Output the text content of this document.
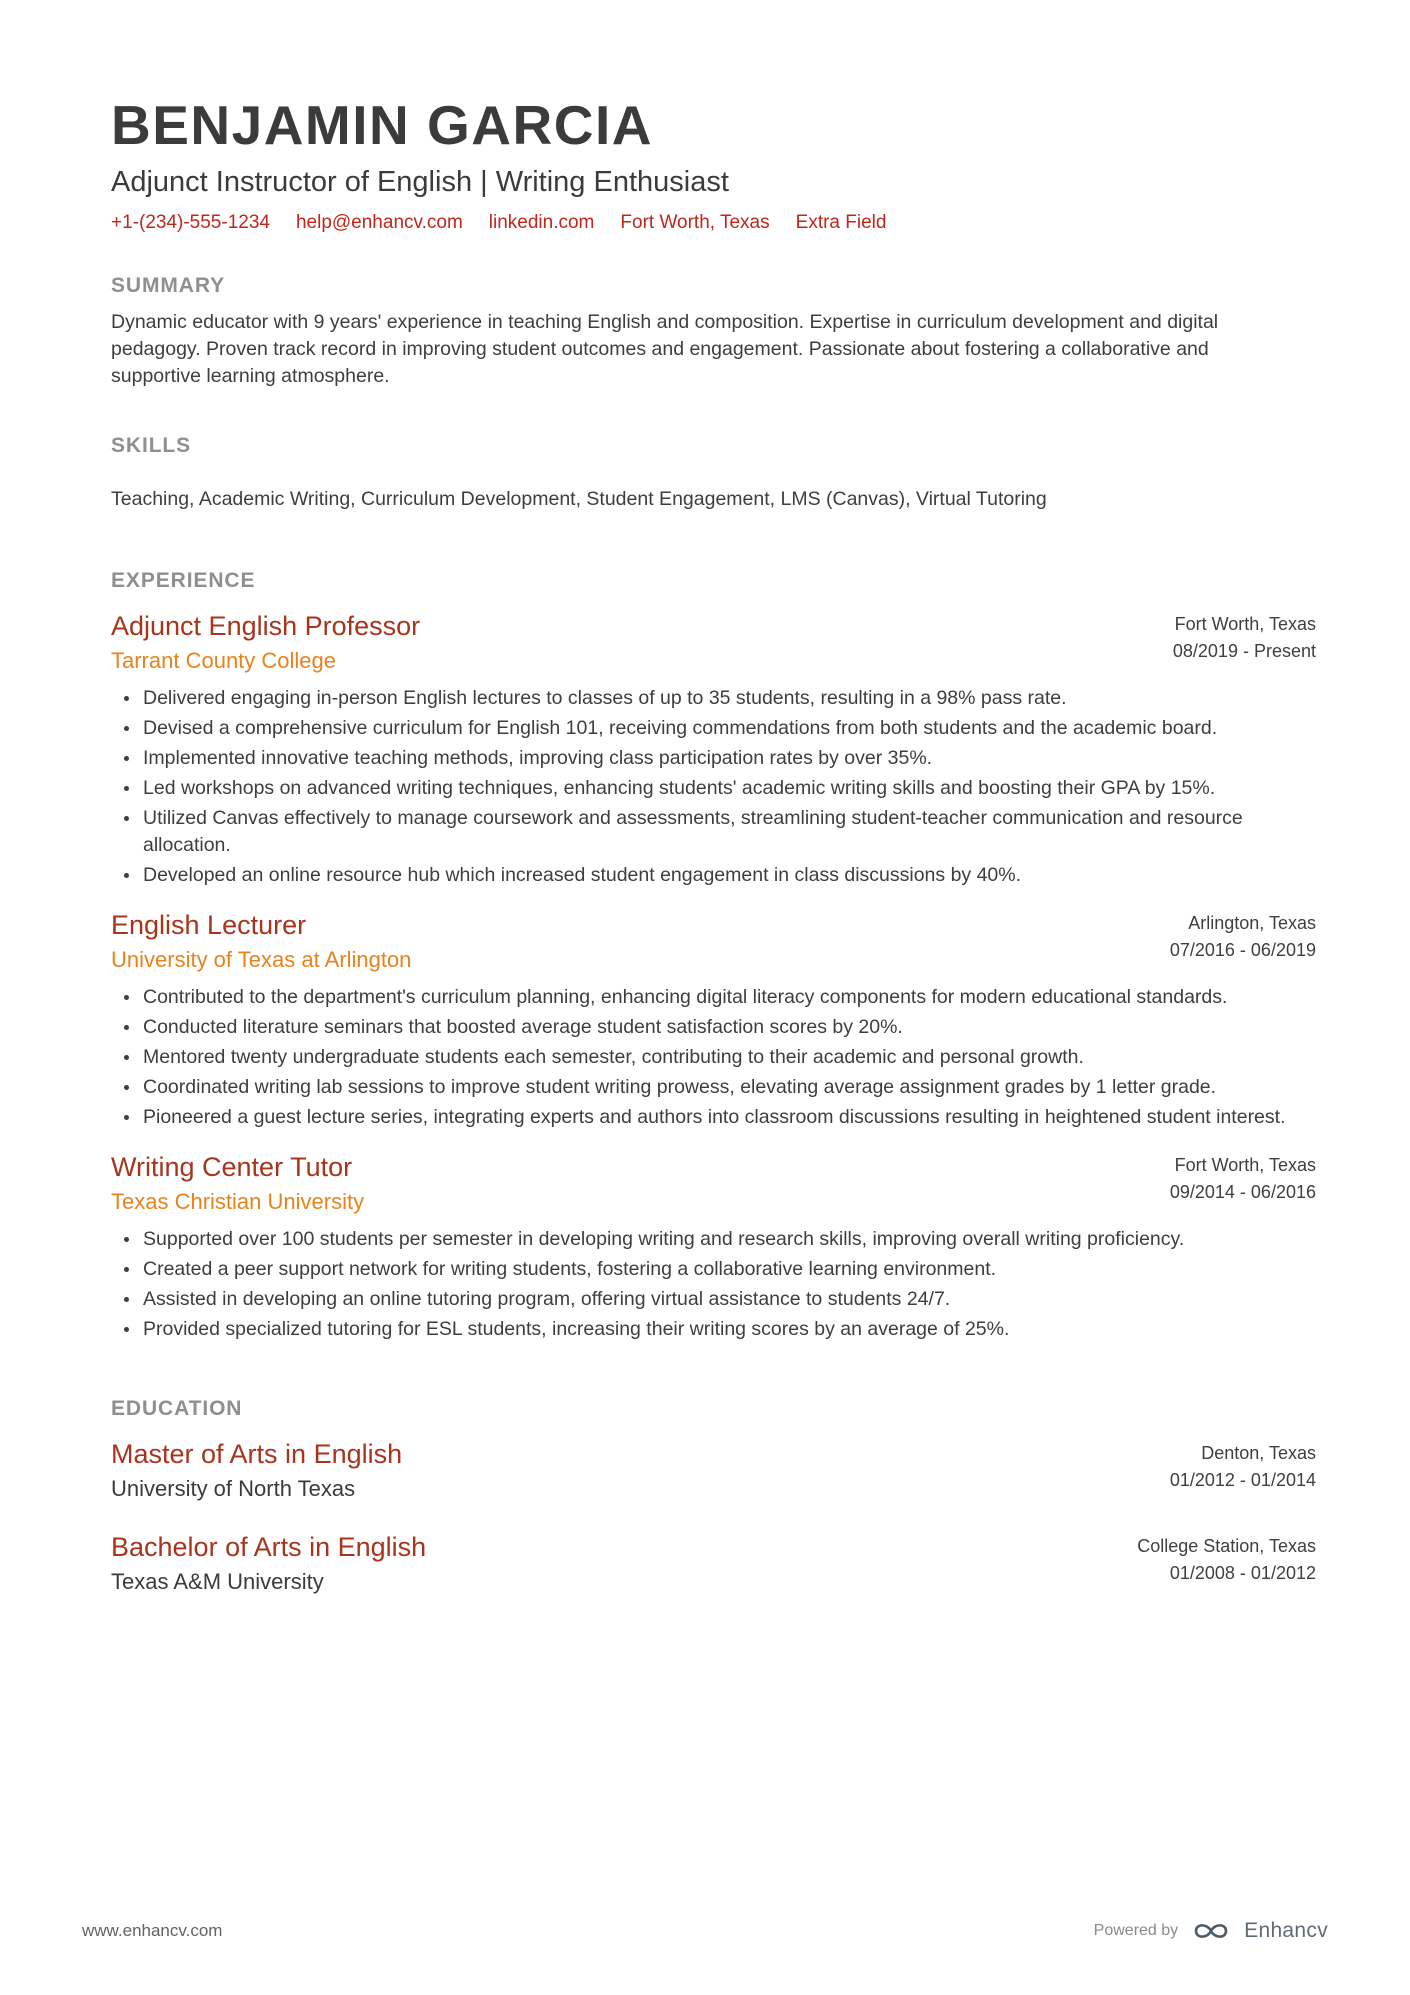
BENJAMIN GARCIA
Adjunct Instructor of English | Writing Enthusiast
+1-(234)-555-1234 help@enhancv.com linkedin.com Fort Worth, Texas Extra Field
SUMMARY
Dynamic educator with 9 years' experience in teaching English and composition. Expertise in curriculum development and digital pedagogy. Proven track record in improving student outcomes and engagement. Passionate about fostering a collaborative and supportive learning atmosphere.
SKILLS
Teaching, Academic Writing, Curriculum Development, Student Engagement, LMS (Canvas), Virtual Tutoring
EXPERIENCE
Adjunct English Professor
Tarrant County College
Fort Worth, Texas
08/2019 - Present
Delivered engaging in-person English lectures to classes of up to 35 students, resulting in a 98% pass rate.
Devised a comprehensive curriculum for English 101, receiving commendations from both students and the academic board.
Implemented innovative teaching methods, improving class participation rates by over 35%.
Led workshops on advanced writing techniques, enhancing students' academic writing skills and boosting their GPA by 15%.
Utilized Canvas effectively to manage coursework and assessments, streamlining student-teacher communication and resource allocation.
Developed an online resource hub which increased student engagement in class discussions by 40%.
English Lecturer
University of Texas at Arlington
Arlington, Texas
07/2016 - 06/2019
Contributed to the department's curriculum planning, enhancing digital literacy components for modern educational standards.
Conducted literature seminars that boosted average student satisfaction scores by 20%.
Mentored twenty undergraduate students each semester, contributing to their academic and personal growth.
Coordinated writing lab sessions to improve student writing prowess, elevating average assignment grades by 1 letter grade.
Pioneered a guest lecture series, integrating experts and authors into classroom discussions resulting in heightened student interest.
Writing Center Tutor
Texas Christian University
Fort Worth, Texas
09/2014 - 06/2016
Supported over 100 students per semester in developing writing and research skills, improving overall writing proficiency.
Created a peer support network for writing students, fostering a collaborative learning environment.
Assisted in developing an online tutoring program, offering virtual assistance to students 24/7.
Provided specialized tutoring for ESL students, increasing their writing scores by an average of 25%.
EDUCATION
Master of Arts in English
University of North Texas
Denton, Texas
01/2012 - 01/2014
Bachelor of Arts in English
Texas A&M University
College Station, Texas
01/2008 - 01/2012
www.enhancv.com	Powered by	Enhancv
